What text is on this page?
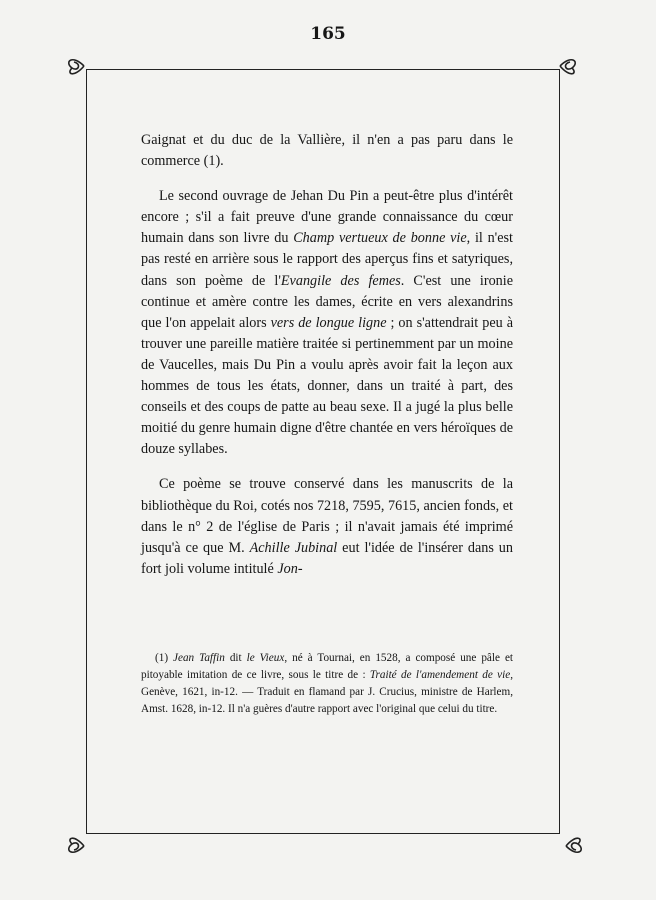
165

Gaignat et du duc de la Vallière, il n'en a pas paru dans le commerce (1).

Le second ouvrage de Jehan Du Pin a peut-être plus d'intérêt encore ; s'il a fait preuve d'une grande connaissance du cœur humain dans son livre du Champ vertueux de bonne vie, il n'est pas resté en arrière sous le rapport des aperçus fins et satyriques, dans son poème de l'Evangile des femes. C'est une ironie continue et amère contre les dames, écrite en vers alexandrins que l'on appelait alors vers de longue ligne ; on s'attendrait peu à trouver une pareille matière traitée si pertinemment par un moine de Vaucelles, mais Du Pin a voulu après avoir fait la leçon aux hommes de tous les états, donner, dans un traité à part, des conseils et des coups de patte au beau sexe. Il a jugé la plus belle moitié du genre humain digne d'être chantée en vers héroïques de douze syllabes.

Ce poème se trouve conservé dans les manuscrits de la bibliothèque du Roi, cotés nos 7218, 7595, 7615, ancien fonds, et dans le n° 2 de l'église de Paris ; il n'avait jamais été imprimé jusqu'à ce que M. Achille Jubinal eut l'idée de l'insérer dans un fort joli volume intitulé Jon-

(1) Jean Taffin dit le Vieux, né à Tournai, en 1528, a composé une pâle et pitoyable imitation de ce livre, sous le titre de : Traité de l'amendement de vie, Genève, 1621, in-12. — Traduit en flamand par J. Crucius, ministre de Harlem, Amst. 1628, in-12. Il n'a guères d'autre rapport avec l'original que celui du titre.
